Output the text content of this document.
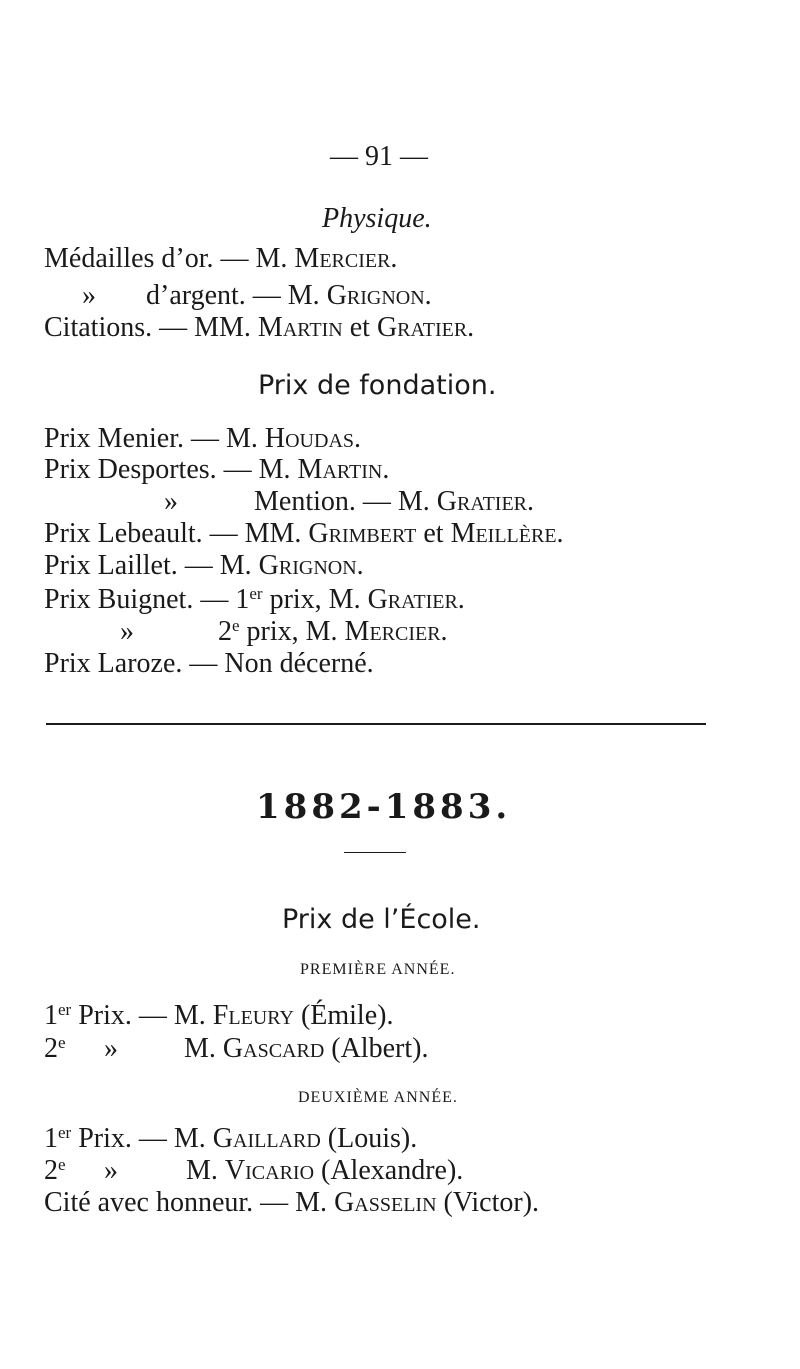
— 91 —
Physique.
Médailles d’or. — M. Mercier.
» d’argent. — M. Grignon.
Citations. — MM. Martin et Gratier.
Prix de fondation.
Prix Menier. — M. Houdas.
Prix Desportes. — M. Martin.
»	Mention. — M. Gratier.
Prix Lebeault. — MM. Grimbert et Meillère.
Prix Laillet. — M. Grignon.
Prix Buignet. — 1er prix, M. Gratier.
»	2e prix, M. Mercier.
Prix Laroze. — Non décerné.
1882-1883.
Prix de l’École.
PREMIÈRE ANNÉE.
1er Prix. — M. Fleury (Émile).
2e » M. Gascard (Albert).
DEUXIÈME ANNÉE.
1er Prix. — M. Gaillard (Louis).
2e » M. Vicario (Alexandre).
Cité avec honneur. — M. Gasselin (Victor).
